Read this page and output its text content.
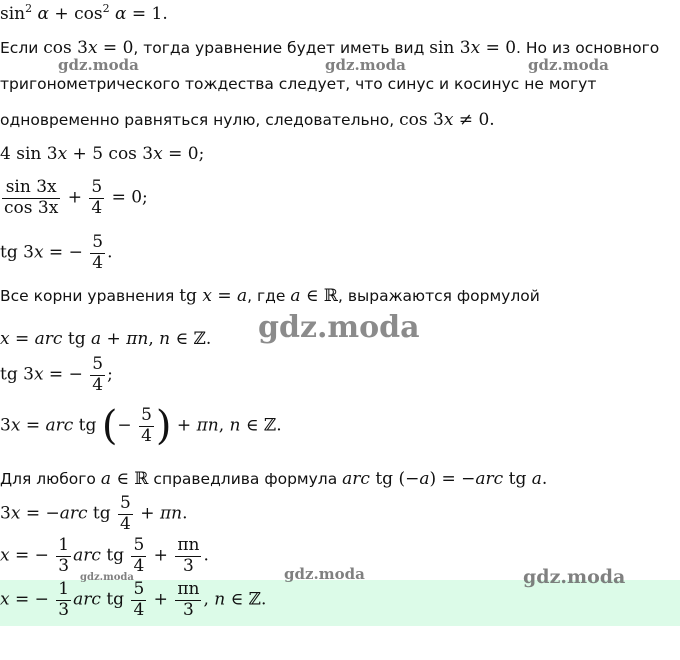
$\sin^2 \alpha + \cos^2 \alpha = 1$.
Если cos 3x = 0, тогда уравнение будет иметь вид sin 3x = 0. Но из основного
тригонометрического тождества следует, что синус и косинус не могут
одновременно равняться нулю, следовательно, cos 3x ≠ 0.
4 sin 3x + 5 cos 3x = 0;
$\frac{\sin 3x}{\cos 3x} + \frac{5}{4} = 0$;
tg 3x = − $\frac{5}{4}$ .
Все корни уравнения tg x = a, где a ∈ ℝ, выражаются формулой
x = arc tg a + πn, n ∈ ℤ.
tg 3x = − $\frac{5}{4}$ ;
3x = arc tg (− $\frac{5}{4}$ ) + πn, n ∈ ℤ.
Для любого a ∈ ℝ справедлива формула arc tg (−a) = −arc tg a.
3x = −arc tg $\frac{5}{4} + \pi n$.
x = − $\frac{1}{3}$ arc tg $\frac{5}{4} + \frac{\pi n}{3}$ .
x = − $\frac{1}{3}$ arc tg $\frac{5}{4} + \frac{\pi n}{3}$ , n ∈ ℤ.
gdz.moda	gdz.moda	gdz.moda
gdz.moda
gdz.moda	gdz.moda
gdz.moda
